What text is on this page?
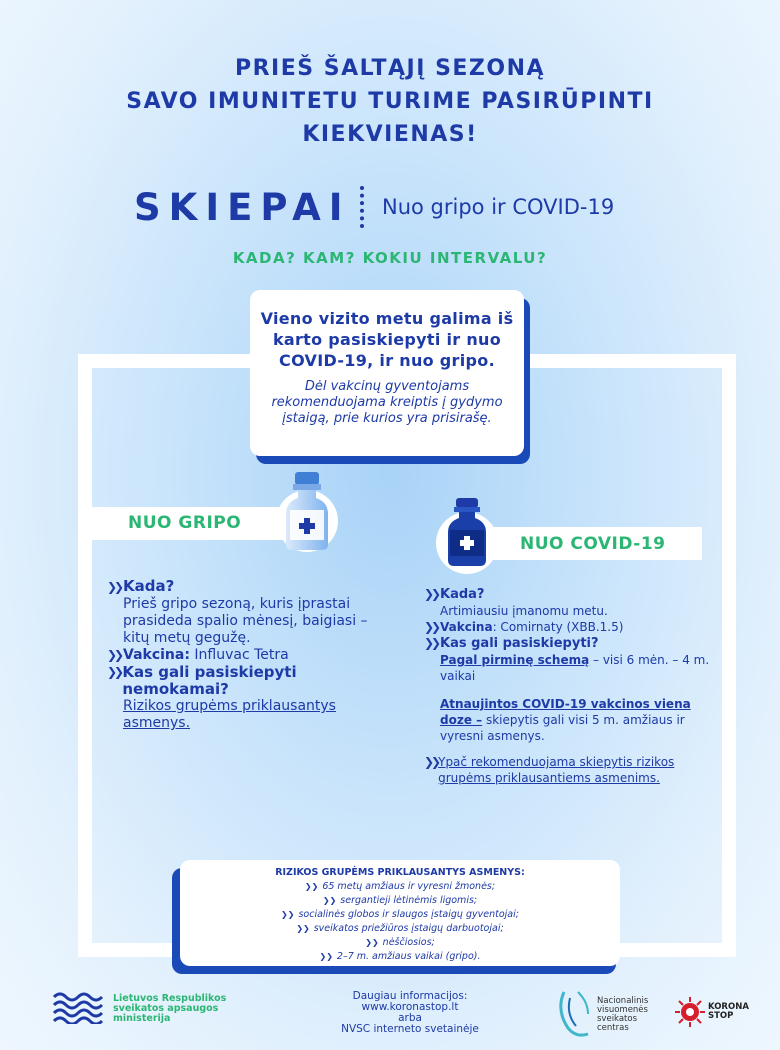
PRIEŠ ŠALTĄJĮ SEZONĄ
SAVO IMUNITETU TURIME PASIRŪPINTI
KIEKVIENAS!
SKIEPAI Nuo gripo ir COVID-19
KADA? KAM? KOKIU INTERVALU?
Vieno vizito metu galima iš karto pasiskiepyti ir nuo COVID-19, ir nuo gripo.
Dėl vakcinų gyventojams rekomenduojama kreiptis į gydymo įstaigą, prie kurios yra prisirašę.
NUO GRIPO
NUO COVID-19
❯❯ Kada?
Prieš gripo sezoną, kuris įprastai prasideda spalio mėnesį, baigiasi – kitų metų gegužę.
❯❯ Vakcina: Influvac Tetra
❯❯ Kas gali pasiskiepyti nemokamai?
Rizikos grupėms priklausantys asmenys.
❯❯ Kada?
Artimiausiu įmanomu metu.
❯❯ Vakcina: Comirnaty (XBB.1.5)
❯❯ Kas gali pasiskiepyti?
Pagal pirminę schemą – visi 6 mėn. – 4 m. vaikai
Atnaujintos COVID-19 vakcinos viena doze – skiepytis gali visi 5 m. amžiaus ir vyresni asmenys.
❯❯ Ypač rekomenduojama skiepytis rizikos grupėms priklausantiems asmenims.
RIZIKOS GRUPĖMS PRIKLAUSANTYS ASMENYS:
❯❯ 65 metų amžiaus ir vyresni žmonės;
❯❯ sergantieji lėtinėmis ligomis;
❯❯ socialinės globos ir slaugos įstaigų gyventojai;
❯❯ sveikatos priežiūros įstaigų darbuotojai;
❯❯ nėščiosios;
❯❯ 2–7 m. amžiaus vaikai (gripo).
Lietuvos Respublikos
sveikatos apsaugos
ministerija
Daugiau informacijos:
www.koronastop.lt
arba
NVSC interneto svetainėje
Nacionalinis
visuomenės
sveikatos
centras
KORONA
STOP
